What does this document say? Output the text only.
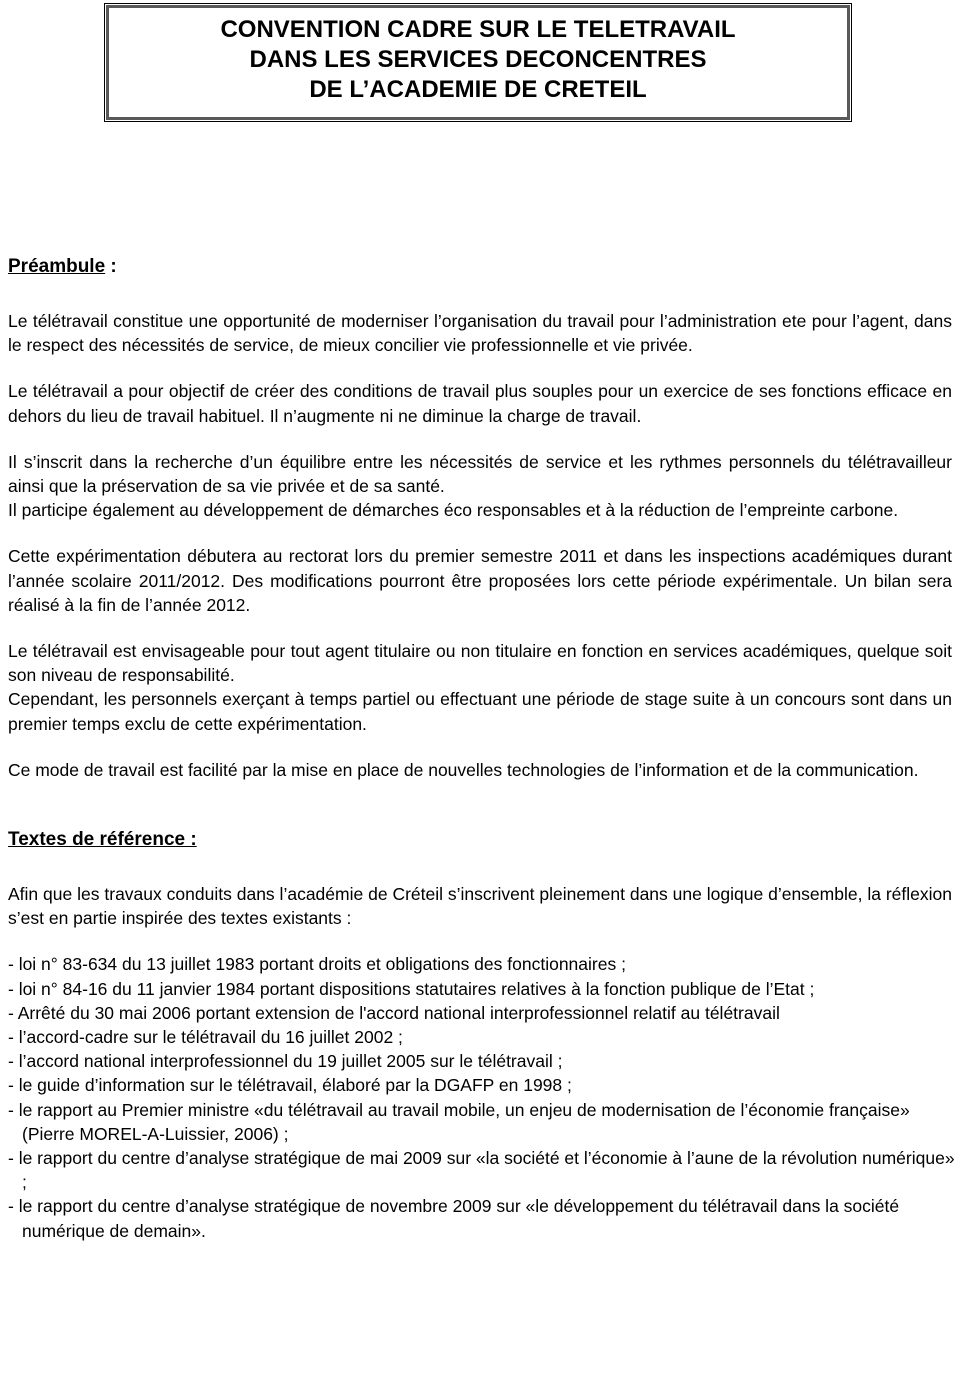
CONVENTION CADRE SUR LE TELETRAVAIL
DANS LES SERVICES DECONCENTRES
DE L’ACADEMIE DE CRETEIL
Préambule :

Le télétravail constitue une opportunité de moderniser l’organisation du travail pour l’administration ete pour l’agent, dans le respect des nécessités de service, de mieux concilier vie professionnelle et vie privée.

Le télétravail a pour objectif de créer des conditions de travail plus souples pour un exercice de ses fonctions efficace en dehors du lieu de travail habituel. Il n’augmente ni ne diminue la charge de travail.

Il s’inscrit dans la recherche d’un équilibre entre les nécessités de service et les rythmes personnels du télétravailleur ainsi que la préservation de sa vie privée et de sa santé.

Il participe également au développement de démarches éco responsables et à la réduction de l’empreinte carbone.

Cette expérimentation débutera au rectorat lors du premier semestre 2011 et dans les inspections académiques durant l’année scolaire 2011/2012. Des modifications pourront être proposées lors cette période expérimentale. Un bilan sera réalisé à la fin de l’année 2012.

Le télétravail est envisageable pour tout agent titulaire ou non titulaire en fonction en services académiques, quelque soit son niveau de responsabilité.

Cependant, les personnels exerçant à temps partiel ou effectuant une période de stage suite à un concours sont dans un premier temps exclu de cette expérimentation.

Ce mode de travail est facilité par la mise en place de nouvelles technologies de l’information et de la communication.

Textes de référence :

Afin que les travaux conduits dans l’académie de Créteil s’inscrivent pleinement dans une logique d’ensemble, la réflexion s’est en partie inspirée des textes existants :

- loi n° 83-634 du 13 juillet 1983 portant droits et obligations des fonctionnaires ;
- loi n° 84-16 du 11 janvier 1984 portant dispositions statutaires relatives à la fonction publique de l’Etat ;
- Arrêté du 30 mai 2006 portant extension de l'accord national interprofessionnel relatif au télétravail
- l’accord-cadre sur le télétravail du 16 juillet 2002 ;
- l’accord national interprofessionnel du 19 juillet 2005 sur le télétravail ;
- le guide d’information sur le télétravail, élaboré par la DGAFP en 1998 ;
- le rapport au Premier ministre «du télétravail au travail mobile, un enjeu de modernisation de l’économie française» (Pierre MOREL-A-Luissier, 2006) ;
- le rapport du centre d’analyse stratégique de mai 2009 sur «la société et l’économie à l’aune de la révolution numérique» ;
- le rapport du centre d’analyse stratégique de novembre 2009 sur «le développement du télétravail dans la société numérique de demain».
